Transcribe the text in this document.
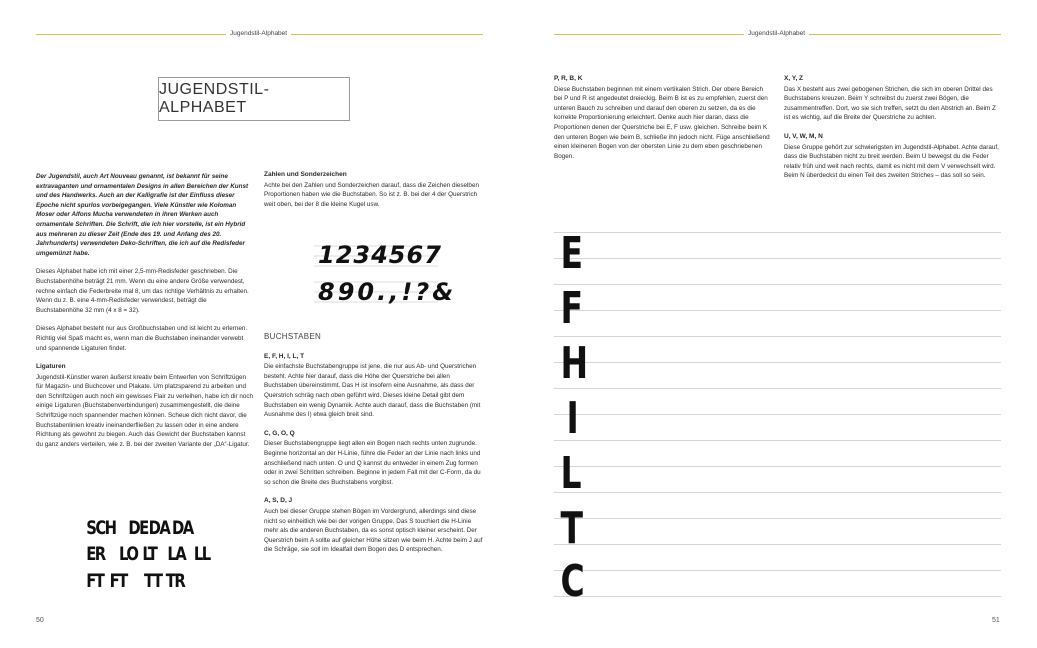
Jugendstil-Alphabet	Jugendstil-Alphabet
JUGENDSTIL-ALPHABET

Der Jugendstil, auch Art Nouveau genannt, ist bekannt für seine extravaganten und ornamentalen Designs in allen Bereichen der Kunst und des Handwerks. Auch an der Kalligrafie ist der Einfluss dieser Epoche nicht spurlos vorbeigegangen. Viele Künstler wie Koloman Moser oder Alfons Mucha verwendeten in ihren Werken auch ornamentale Schriften. Die Schrift, die ich hier vorstelle, ist ein Hybrid aus mehreren zu dieser Zeit (Ende des 19. und Anfang des 20. Jahrhunderts) verwendeten Deko-Schriften, die ich auf die Redisfeder umgemünzt habe.

Dieses Alphabet habe ich mit einer 2,5-mm-Redisfeder geschrieben. Die Buchstabenhöhe beträgt 21 mm. Wenn du eine andere Größe verwendest, rechne einfach die Federbreite mal 8, um das richtige Verhältnis zu erhalten. Wenn du z. B. eine 4-mm-Redisfeder verwendest, beträgt die Buchstabenhöhe 32 mm (4 x 8 = 32).

Dieses Alphabet besteht nur aus Großbuchstaben und ist leicht zu erlernen. Richtig viel Spaß macht es, wenn man die Buchstaben ineinander verwebt und spannende Ligaturen findet.

Ligaturen

Jugendstil-Künstler waren äußerst kreativ beim Entwerfen von Schriftzügen für Magazin- und Buchcover und Plakate. Um platzsparend zu arbeiten und den Schriftzügen auch noch ein gewisses Flair zu verleihen, habe ich dir noch einige Ligaturen (Buchstabenverbindungen) zusammengestellt, die deine Schriftzüge noch spannender machen können. Scheue dich nicht davor, die Buchstabenlinien kreativ ineinanderfließen zu lassen oder in eine andere Richtung als gewohnt zu biegen. Auch das Gewicht der Buchstaben kannst du ganz anders verteilen, wie z. B. bei der zweiten Variante der „DA“-Ligatur.

SCH DE DA DA
ER LO LT LA LL
FT FT TT TR
Zahlen und Sonderzeichen

Achte bei den Zahlen und Sonderzeichen darauf, dass die Zeichen dieselben Proportionen haben wie die Buchstaben. So ist z. B. bei der 4 der Querstrich weit oben, bei der 8 die kleine Kugel usw.

1234567
890.,!?&
BUCHSTABEN
E, F, H, I, L, T

Die einfachste Buchstabengruppe ist jene, die nur aus Ab- und Querstrichen besteht. Achte hier darauf, dass die Höhe der Querstriche bei allen Buchstaben übereinstimmt. Das H ist insofern eine Ausnahme, als dass der Querstrich schräg nach oben geführt wird. Dieses kleine Detail gibt dem Buchstaben ein wenig Dynamik. Achte auch darauf, dass die Buchstaben (mit Ausnahme des I) etwa gleich breit sind.

C, G, O, Q

Dieser Buchstabengruppe liegt allen ein Bogen nach rechts unten zugrunde. Beginne horizontal an der H-Linie, führe die Feder an der Linie nach links und anschließend nach unten. O und Q kannst du entweder in einem Zug formen oder in zwei Schritten schreiben. Beginne in jedem Fall mit der C-Form, da du so schon die Breite des Buchstabens vorgibst.

A, S, D, J

Auch bei dieser Gruppe stehen Bögen im Vordergrund, allerdings sind diese nicht so einheitlich wie bei der vorigen Gruppe. Das S touchiert die H-Linie mehr als die anderen Buchstaben, da es sonst optisch kleiner erscheint. Der Querstrich beim A sollte auf gleicher Höhe sitzen wie beim H. Achte beim J auf die Schräge, sie soll im Idealfall dem Bogen des D entsprechen.

50
P, R, B, K

Diese Buchstaben beginnen mit einem vertikalen Strich. Der obere Bereich bei P und R ist angedeutet dreieckig. Beim B ist es zu empfehlen, zuerst den unteren Bauch zu schreiben und darauf den oberen zu setzen, da es die korrekte Proportionierung erleichtert. Denke auch hier daran, dass die Proportionen denen der Querstriche bei E, F usw. gleichen. Schreibe beim K den unteren Bogen wie beim B, schließe ihn jedoch nicht. Füge anschließend einen kleineren Bogen von der obersten Linie zu dem eben geschriebenen Bogen.

X, Y, Z

Das X besteht aus zwei gebogenen Strichen, die sich im oberen Drittel des Buchstabens kreuzen. Beim Y schreibst du zuerst zwei Bögen, die zusammentreffen. Dort, wo sie sich treffen, setzt du den Abstrich an. Beim Z ist es wichtig, auf die Breite der Querstriche zu achten.

U, V, W, M, N

Diese Gruppe gehört zur schwierigsten im Jugendstil-Alphabet. Achte darauf, dass die Buchstaben nicht zu breit werden. Beim U bewegst du die Feder relativ früh und weit nach rechts, damit es nicht mit dem V verwechselt wird. Beim N überdeckst du einen Teil des zweiten Striches – das soll so sein.

E
F
H
I
L
T
C
51
